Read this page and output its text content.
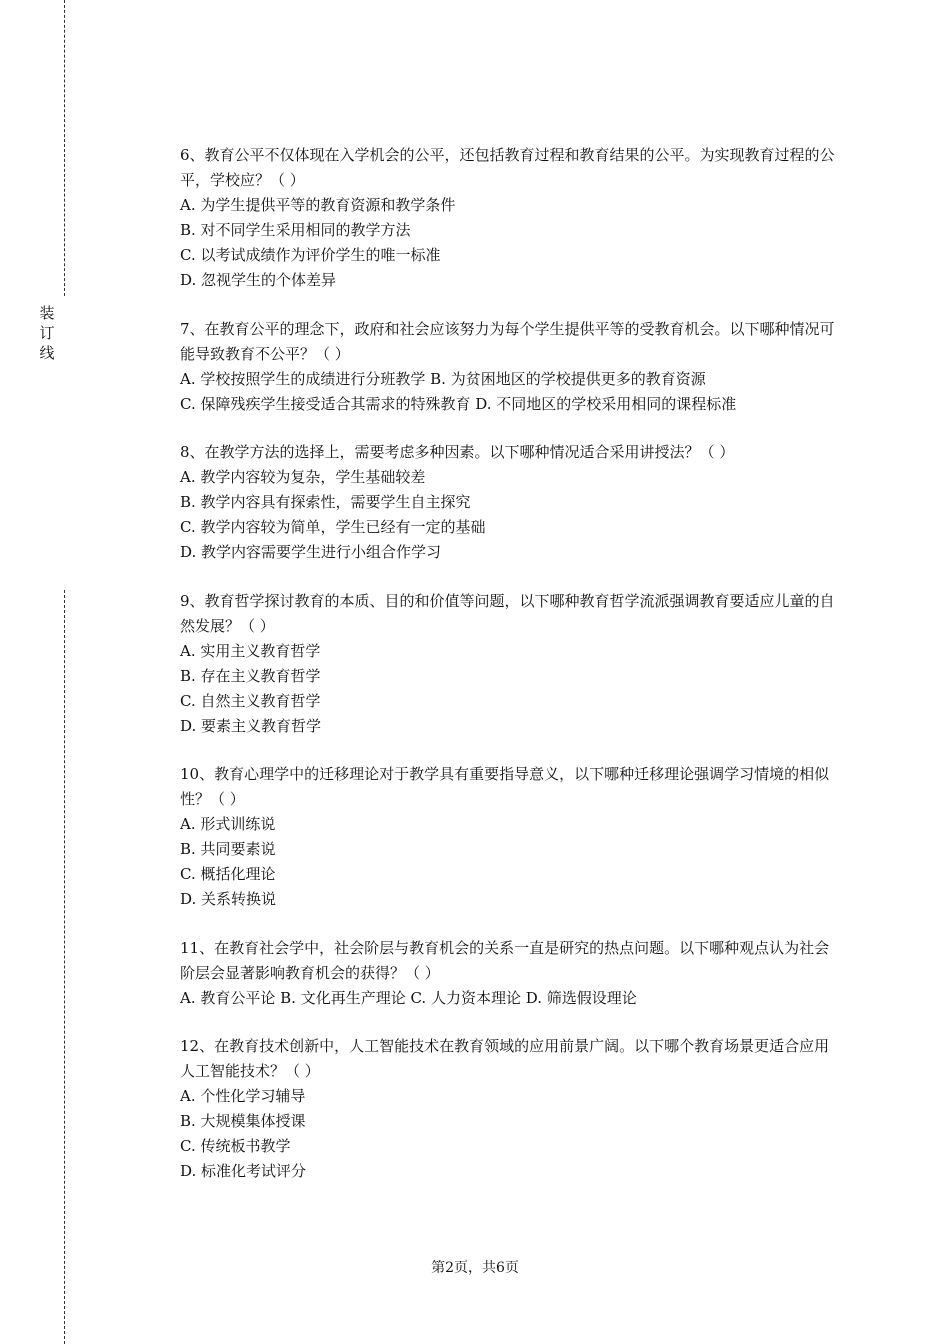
装
订
线
6、教育公平不仅体现在入学机会的公平，还包括教育过程和教育结果的公平。为实现教育过程的公平，学校应？（ ）
A. 为学生提供平等的教育资源和教学条件
B. 对不同学生采用相同的教学方法
C. 以考试成绩作为评价学生的唯一标准
D. 忽视学生的个体差异
7、在教育公平的理念下，政府和社会应该努力为每个学生提供平等的受教育机会。以下哪种情况可能导致教育不公平？（ ）
A. 学校按照学生的成绩进行分班教学 B. 为贫困地区的学校提供更多的教育资源
C. 保障残疾学生接受适合其需求的特殊教育 D. 不同地区的学校采用相同的课程标准
8、在教学方法的选择上，需要考虑多种因素。以下哪种情况适合采用讲授法？（ ）
A. 教学内容较为复杂，学生基础较差
B. 教学内容具有探索性，需要学生自主探究
C. 教学内容较为简单，学生已经有一定的基础
D. 教学内容需要学生进行小组合作学习
9、教育哲学探讨教育的本质、目的和价值等问题，以下哪种教育哲学流派强调教育要适应儿童的自然发展？（ ）
A. 实用主义教育哲学
B. 存在主义教育哲学
C. 自然主义教育哲学
D. 要素主义教育哲学
10、教育心理学中的迁移理论对于教学具有重要指导意义，以下哪种迁移理论强调学习情境的相似性？（ ）
A. 形式训练说
B. 共同要素说
C. 概括化理论
D. 关系转换说
11、在教育社会学中，社会阶层与教育机会的关系一直是研究的热点问题。以下哪种观点认为社会阶层会显著影响教育机会的获得？（ ）
A. 教育公平论 B. 文化再生产理论 C. 人力资本理论 D. 筛选假设理论
12、在教育技术创新中，人工智能技术在教育领域的应用前景广阔。以下哪个教育场景更适合应用人工智能技术？（ ）
A. 个性化学习辅导
B. 大规模集体授课
C. 传统板书教学
D. 标准化考试评分
第2页，共6页
